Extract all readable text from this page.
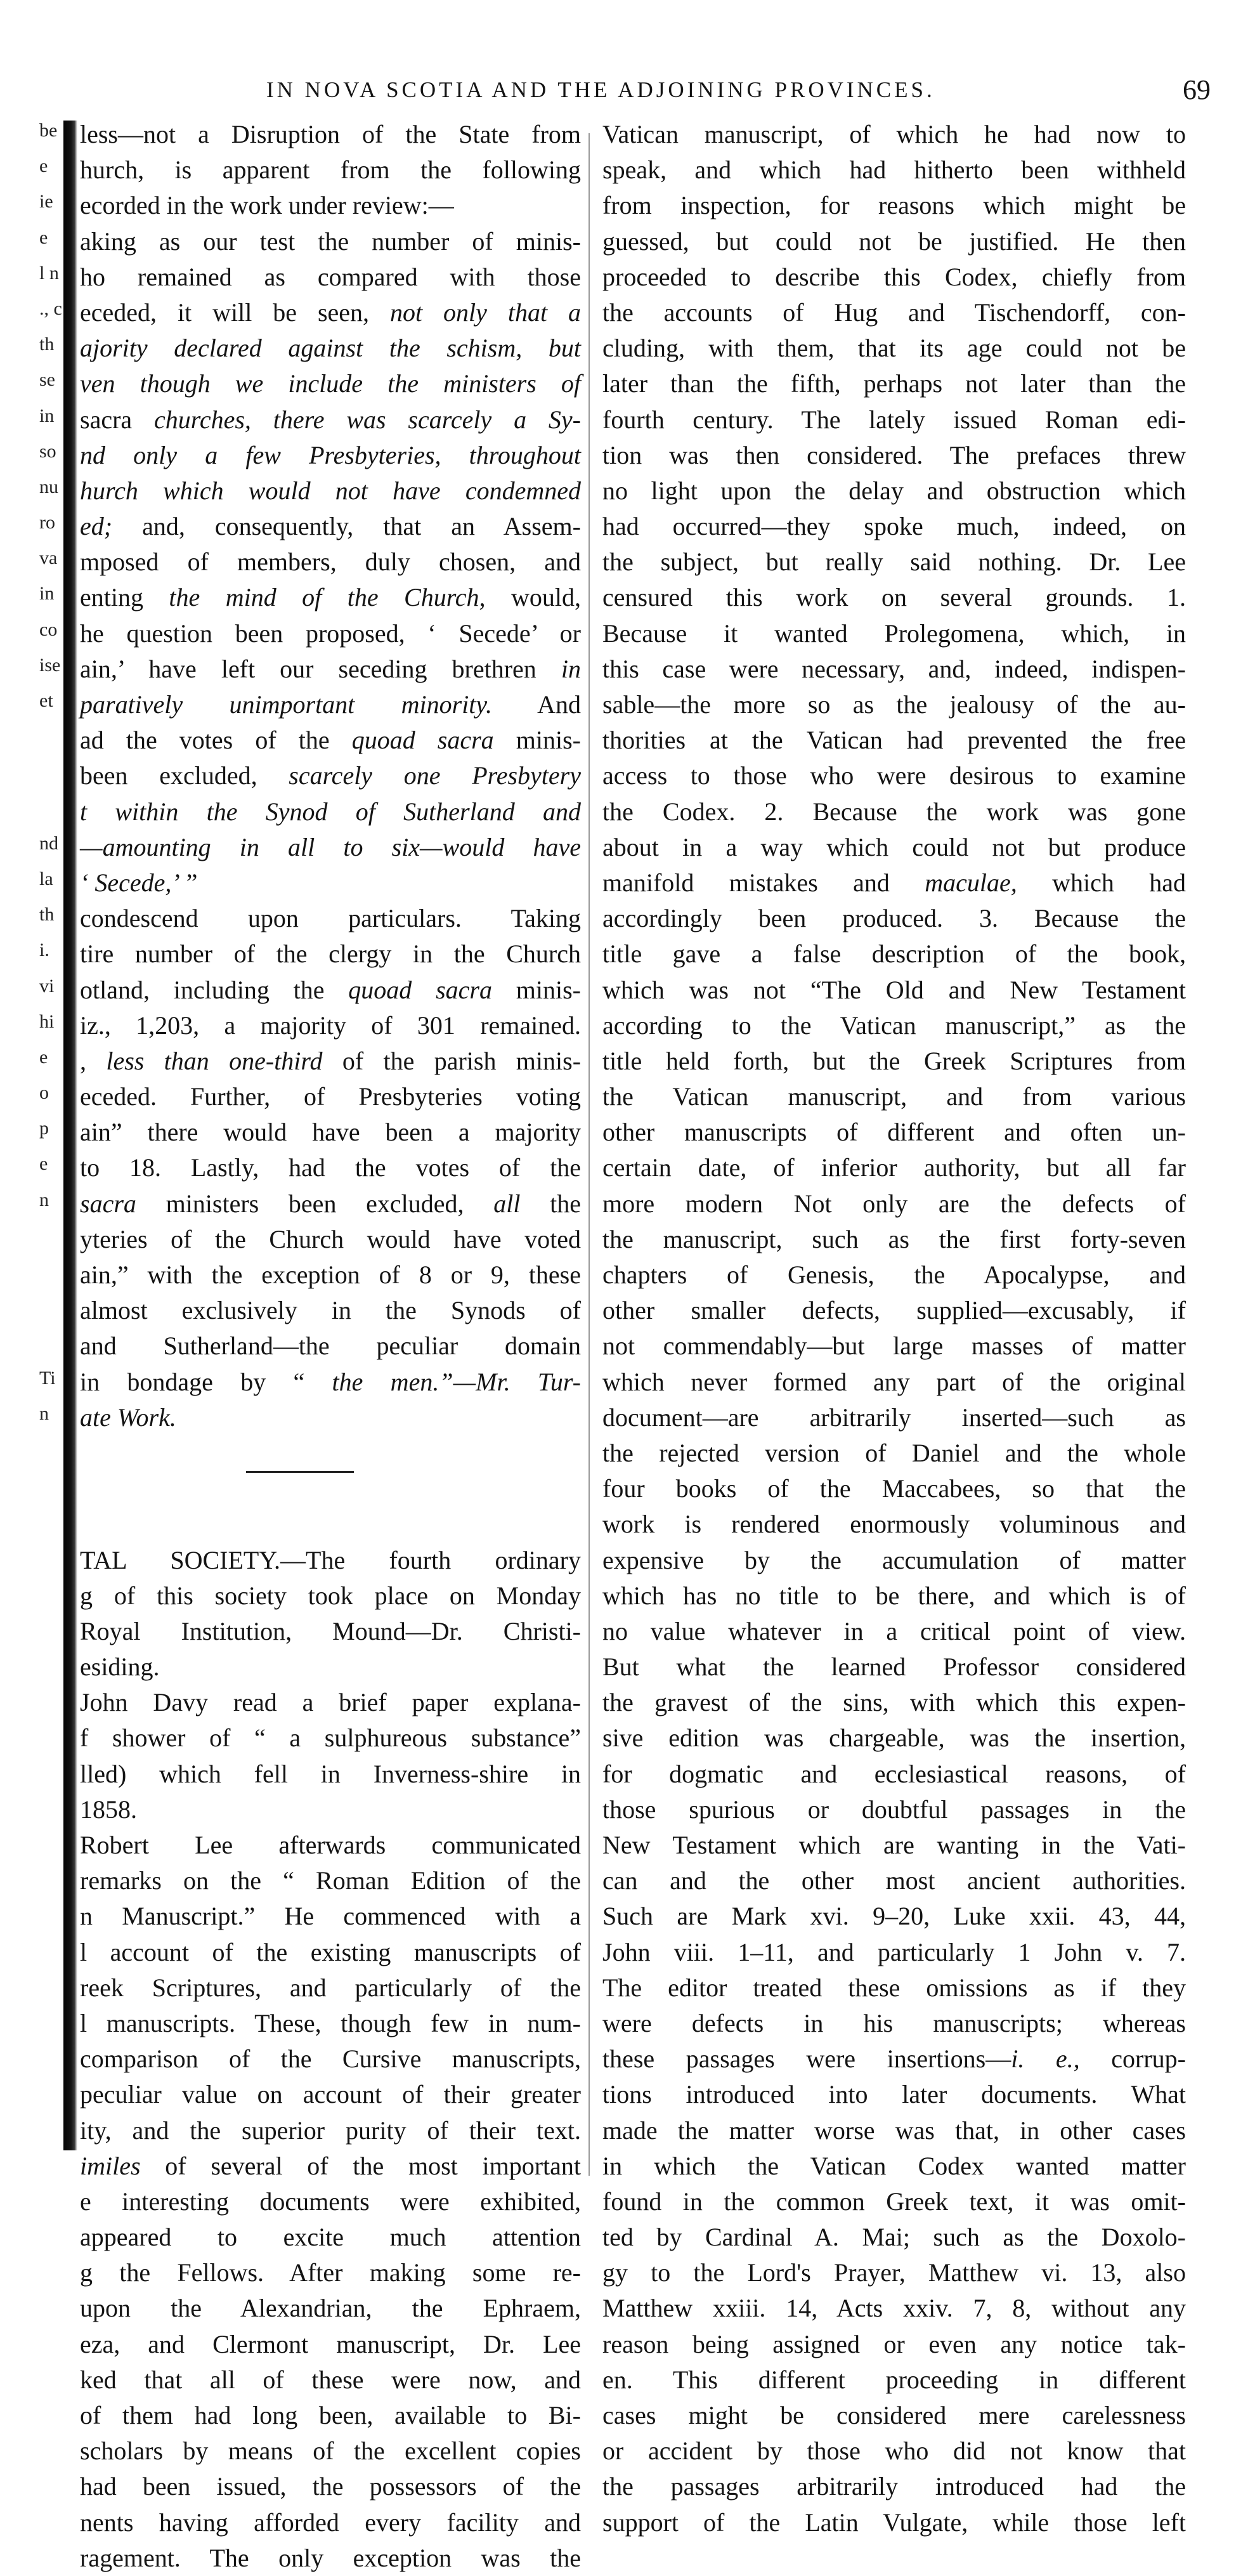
IN NOVA SCOTIA AND THE ADJOINING PROVINCES.	69
be
e
ie
e
l n
., c
th
se
in
so
nu
ro
va
in
co
ise
et
nd
la
th
i.
vi
hi
e
o
p
e
n
Ti
n
less—not a Disruption of the State from
hurch, is apparent from the following
ecorded in the work under review:—
aking as our test the number of minis-
ho remained as compared with those
eceded, it will be seen, not only that a
ajority declared against the schism, but
ven though we include the ministers of
sacra churches, there was scarcely a Sy-
nd only a few Presbyteries, throughout
hurch which would not have condemned
ed; and, consequently, that an Assem-
mposed of members, duly chosen, and
enting the mind of the Church, would,
he question been proposed, ‘ Secede’ or
ain,’ have left our seceding brethren in
paratively unimportant minority. And
ad the votes of the quoad sacra minis-
been excluded, scarcely one Presbytery
t within the Synod of Sutherland and
—amounting in all to six—would have
‘ Secede,’ ”
condescend upon particulars. Taking
tire number of the clergy in the Church
otland, including the quoad sacra minis-
iz., 1,203, a majority of 301 remained.
, less than one-third of the parish minis-
eceded. Further, of Presbyteries voting
ain” there would have been a majority
to 18. Lastly, had the votes of the
sacra ministers been excluded, all the
yteries of the Church would have voted
ain,” with the exception of 8 or 9, these
almost exclusively in the Synods of
and Sutherland—the peculiar domain
in bondage by “ the men.”—Mr. Tur-
ate Work.
TAL SOCIETY.—The fourth ordinary
g of this society took place on Monday
Royal Institution, Mound—Dr. Christi-
esiding.
John Davy read a brief paper explana-
f shower of “ a sulphureous substance”
lled) which fell in Inverness-shire in
1858.
Robert Lee afterwards communicated
remarks on the “ Roman Edition of the
n Manuscript.” He commenced with a
l account of the existing manuscripts of
reek Scriptures, and particularly of the
l manuscripts. These, though few in num-
comparison of the Cursive manuscripts,
peculiar value on account of their greater
ity, and the superior purity of their text.
imiles of several of the most important
e interesting documents were exhibited,
appeared to excite much attention
g the Fellows. After making some re-
upon the Alexandrian, the Ephraem,
eza, and Clermont manuscript, Dr. Lee
ked that all of these were now, and
of them had long been, available to Bi-
scholars by means of the excellent copies
had been issued, the possessors of the
nents having afforded every facility and
ragement. The only exception was the
Vatican manuscript, of which he had now to
speak, and which had hitherto been withheld
from inspection, for reasons which might be
guessed, but could not be justified. He then
proceeded to describe this Codex, chiefly from
the accounts of Hug and Tischendorff, con-
cluding, with them, that its age could not be
later than the fifth, perhaps not later than the
fourth century. The lately issued Roman edi-
tion was then considered. The prefaces threw
no light upon the delay and obstruction which
had occurred—they spoke much, indeed, on
the subject, but really said nothing. Dr. Lee
censured this work on several grounds. 1.
Because it wanted Prolegomena, which, in
this case were necessary, and, indeed, indispen-
sable—the more so as the jealousy of the au-
thorities at the Vatican had prevented the free
access to those who were desirous to examine
the Codex. 2. Because the work was gone
about in a way which could not but produce
manifold mistakes and maculae, which had
accordingly been produced. 3. Because the
title gave a false description of the book,
which was not “The Old and New Testament
according to the Vatican manuscript,” as the
title held forth, but the Greek Scriptures from
the Vatican manuscript, and from various
other manuscripts of different and often un-
certain date, of inferior authority, but all far
more modern Not only are the defects of
the manuscript, such as the first forty-seven
chapters of Genesis, the Apocalypse, and
other smaller defects, supplied—excusably, if
not commendably—but large masses of matter
which never formed any part of the original
document—are arbitrarily inserted—such as
the rejected version of Daniel and the whole
four books of the Maccabees, so that the
work is rendered enormously voluminous and
expensive by the accumulation of matter
which has no title to be there, and which is of
no value whatever in a critical point of view.
But what the learned Professor considered
the gravest of the sins, with which this expen-
sive edition was chargeable, was the insertion,
for dogmatic and ecclesiastical reasons, of
those spurious or doubtful passages in the
New Testament which are wanting in the Vati-
can and the other most ancient authorities.
Such are Mark xvi. 9–20, Luke xxii. 43, 44,
John viii. 1–11, and particularly 1 John v. 7.
The editor treated these omissions as if they
were defects in his manuscripts; whereas
these passages were insertions—i. e., corrup-
tions introduced into later documents. What
made the matter worse was that, in other cases
in which the Vatican Codex wanted matter
found in the common Greek text, it was omit-
ted by Cardinal A. Mai; such as the Doxolo-
gy to the Lord's Prayer, Matthew vi. 13, also
Matthew xxiii. 14, Acts xxiv. 7, 8, without any
reason being assigned or even any notice tak-
en. This different proceeding in different
cases might be considered mere carelessness
or accident by those who did not know that
the passages arbitrarily introduced had the
support of the Latin Vulgate, while those left
